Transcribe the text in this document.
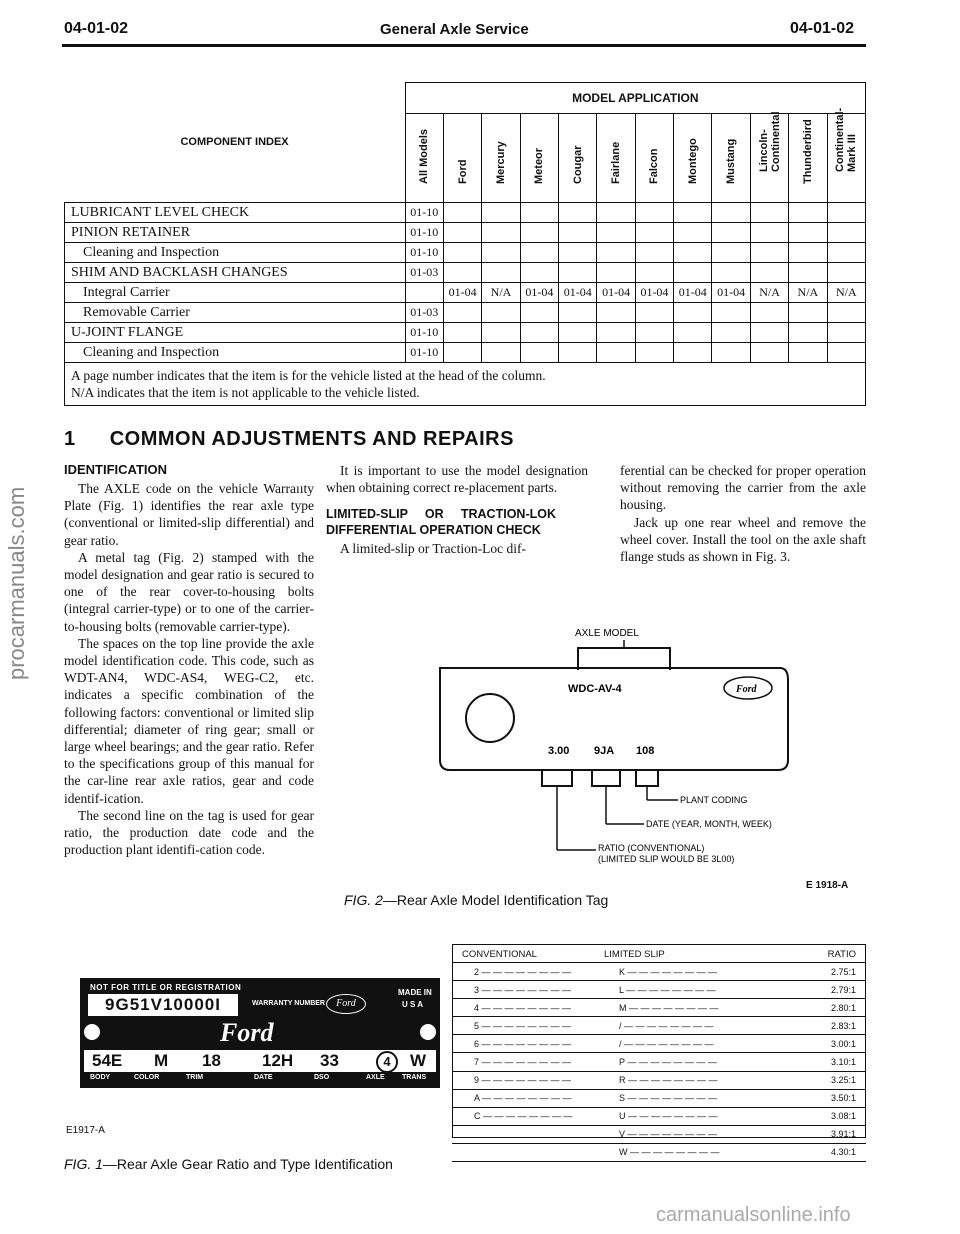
04-01-02	General Axle Service	04-01-02
COMPONENT INDEX	MODEL APPLICATION											

	All Models	Ford	Mercury	Meteor	Cougar	Fairlane	Falcon	Montego	Mustang	Lincoln-
Continental	Thunderbird	Continental-
Mark III

LUBRICANT LEVEL CHECK	01-10											
PINION RETAINER	01-10											
Cleaning and Inspection	01-10											
SHIM AND BACKLASH CHANGES	01-03											
Integral Carrier		01-04	N/A	01-04	01-04	01-04	01-04	01-04	01-04	N/A	N/A	N/A
Removable Carrier	01-03											
U-JOINT FLANGE	01-10											
Cleaning and Inspection	01-10											

A page number indicates that the item is for the vehicle listed at the head of the column.
N/A indicates that the item is not applicable to the vehicle listed.												
1 COMMON ADJUSTMENTS AND REPAIRS
IDENTIFICATION

The AXLE code on the vehicle Warraııty Plate (Fig. 1) identifies the rear axle type (conventional or limited-slip differential) and gear ratio.

A metal tag (Fig. 2) stamped with the model designation and gear ratio is secured to one of the rear cover-to-housing bolts (integral carrier-type) or to one of the carrier-to-housing bolts (removable carrier-type).

The spaces on the top line provide the axle model identification code. This code, such as WDT-AN4, WDC-AS4, WEG-C2, etc. indicates a specific combination of the following factors: conventional or limited slip differential; diameter of ring gear; small or large wheel bearings; and the gear ratio. Refer to the specifications group of this manual for the car-line rear axle ratios, gear and code identif-ication.

The second line on the tag is used for gear ratio, the production date code and the production plant identifi-cation code.

It is important to use the model designation when obtaining correct re-placement parts.

LIMITED-SLIP OR TRACTION-LOK DIFFERENTIAL OPERATION CHECK

A limited-slip or Traction-Loc dif-

ferential can be checked for proper operation without removing the carrier from the axle housing.

Jack up one rear wheel and remove the wheel cover. Install the tool on the axle shaft flange studs as shown in Fig. 3.

AXLE MODEL
WDC-AV-4	Ford
3.00 9JA 108
PLANT CODING
DATE (YEAR, MONTH, WEEK)
RATIO (CONVENTIONAL)
(LIMITED SLIP WOULD BE 3L00)
E 1918-A
FIG. 2—Rear Axle Model Identification Tag
CONVENTIONAL	LIMITED SLIP	RATIO
2 — — — — — — — —	K — — — — — — — —	2.75:1
3 — — — — — — — —	L — — — — — — — —	2.79:1
4 — — — — — — — —	M — — — — — — — —	2.80:1
5 — — — — — — — —	/ — — — — — — — —	2.83:1
6 — — — — — — — —	/ — — — — — — — —	3.00:1
7 — — — — — — — —	P — — — — — — — —	3.10:1
9 — — — — — — — —	R — — — — — — — —	3.25:1
A — — — — — — — —	S — — — — — — — —	3.50:1
C — — — — — — — —	U — — — — — — — —	3.08:1
	V — — — — — — — —	3.91:1
	W — — — — — — — —	4.30:1
NOT FOR TITLE OR REGISTRATION
9G51V10000I	WARRANTY NUMBER	Ford
MADE IN
U S A
Ford
54E M 18 12H 33	4	W
BODY	COLOR	TRIM	DATE	DSO	AXLE TRANS
E1917-A
FIG. 1—Rear Axle Gear Ratio and Type Identification
procarmanuals.com
carmanualsonline.info
